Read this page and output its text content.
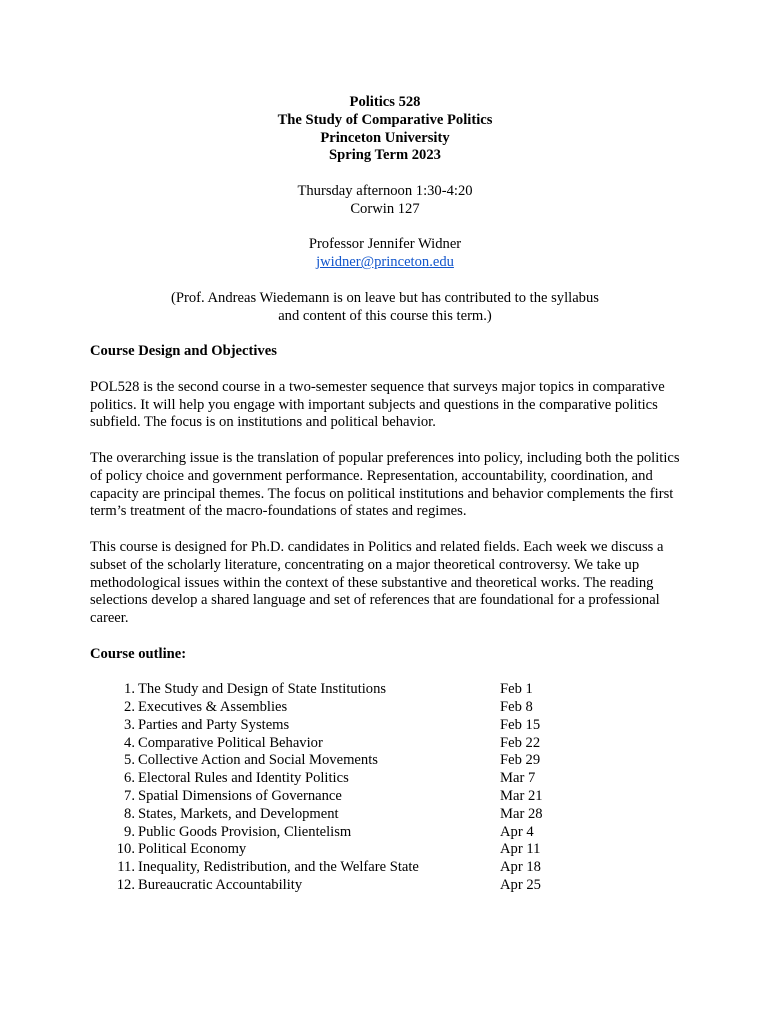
Politics 528
The Study of Comparative Politics
Princeton University
Spring Term 2023
Thursday afternoon 1:30-4:20
Corwin 127
Professor Jennifer Widner
jwidner@princeton.edu
(Prof. Andreas Wiedemann is on leave but has contributed to the syllabus
and content of this course this term.)
Course Design and Objectives

POL528 is the second course in a two-semester sequence that surveys major topics in comparative politics. It will help you engage with important subjects and questions in the comparative politics subfield. The focus is on institutions and political behavior.

The overarching issue is the translation of popular preferences into policy, including both the politics of policy choice and government performance. Representation, accountability, coordination, and capacity are principal themes. The focus on political institutions and behavior complements the first term’s treatment of the macro-foundations of states and regimes.

This course is designed for Ph.D. candidates in Politics and related fields. Each week we discuss a subset of the scholarly literature, concentrating on a major theoretical controversy. We take up methodological issues within the context of these substantive and theoretical works. The reading selections develop a shared language and set of references that are foundational for a professional career.

Course outline:
1. The Study and Design of State Institutions	Feb 1
2. Executives & Assemblies	Feb 8
3. Parties and Party Systems	Feb 15
4. Comparative Political Behavior	Feb 22
5. Collective Action and Social Movements	Feb 29
6. Electoral Rules and Identity Politics	Mar 7
7. Spatial Dimensions of Governance	Mar 21
8. States, Markets, and Development	Mar 28
9. Public Goods Provision, Clientelism	Apr 4
10. Political Economy	Apr 11
11. Inequality, Redistribution, and the Welfare State	Apr 18
12. Bureaucratic Accountability	Apr 25
